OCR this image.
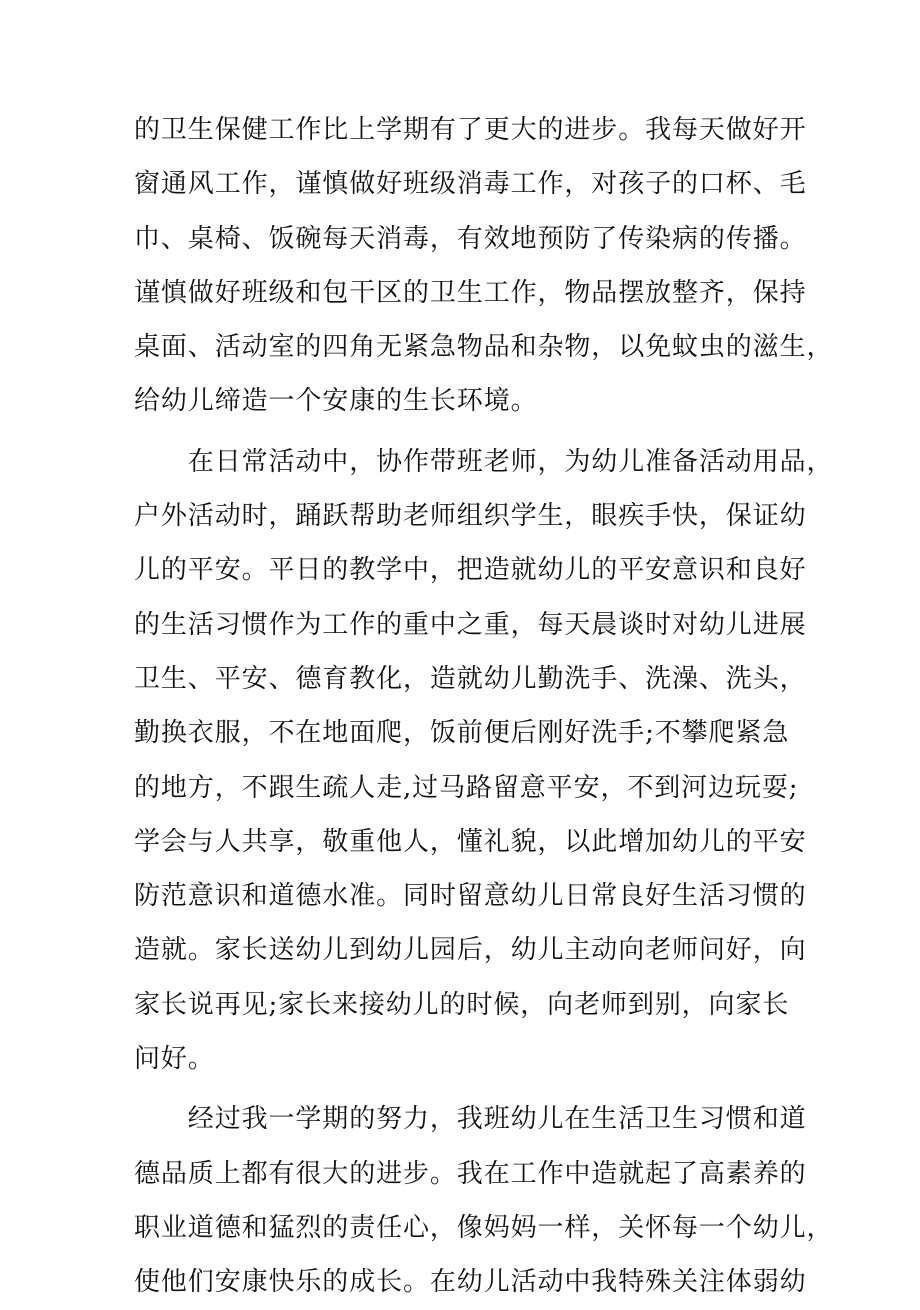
的卫生保健工作比上学期有了更大的进步。我每天做好开
窗通风工作，谨慎做好班级消毒工作，对孩子的口杯、毛
巾、桌椅、饭碗每天消毒，有效地预防了传染病的传播。
谨慎做好班级和包干区的卫生工作，物品摆放整齐，保持
桌面、活动室的四角无紧急物品和杂物，以免蚊虫的滋生，
给幼儿缔造一个安康的生长环境。
　　在日常活动中，协作带班老师，为幼儿准备活动用品，
户外活动时，踊跃帮助老师组织学生，眼疾手快，保证幼
儿的平安。平日的教学中，把造就幼儿的平安意识和良好
的生活习惯作为工作的重中之重，每天晨谈时对幼儿进展
卫生、平安、德育教化，造就幼儿勤洗手、洗澡、洗头，
勤换衣服，不在地面爬，饭前便后刚好洗手;不攀爬紧急
的地方，不跟生疏人走,过马路留意平安，不到河边玩耍;
学会与人共享，敬重他人，懂礼貌，以此增加幼儿的平安
防范意识和道德水准。同时留意幼儿日常良好生活习惯的
造就。家长送幼儿到幼儿园后，幼儿主动向老师问好，向
家长说再见;家长来接幼儿的时候，向老师到别，向家长
问好。
　　经过我一学期的努力，我班幼儿在生活卫生习惯和道
德品质上都有很大的进步。我在工作中造就起了高素养的
职业道德和猛烈的责任心，像妈妈一样，关怀每一个幼儿，
使他们安康快乐的成长。在幼儿活动中我特殊关注体弱幼
